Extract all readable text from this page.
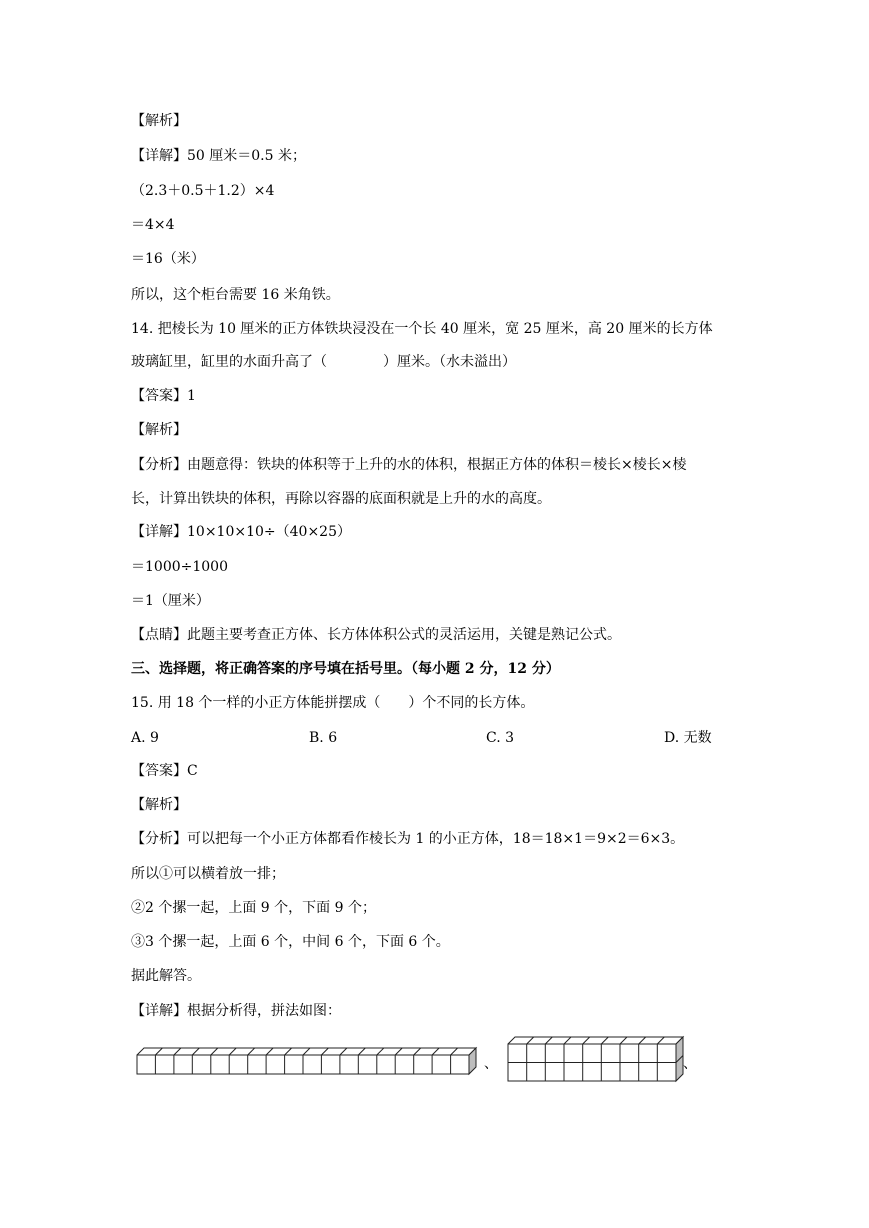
【解析】
【详解】50 厘米＝0.5 米；
（2.3＋0.5＋1.2）×4
＝4×4
＝16（米）
所以，这个柜台需要 16 米角铁。
14. 把棱长为 10 厘米的正方体铁块浸没在一个长 40 厘米，宽 25 厘米，高 20 厘米的长方体
玻璃缸里，缸里的水面升高了（　　　　）厘米。（水未溢出）
【答案】1
【解析】
【分析】由题意得：铁块的体积等于上升的水的体积，根据正方体的体积＝棱长×棱长×棱
长，计算出铁块的体积，再除以容器的底面积就是上升的水的高度。
【详解】10×10×10÷（40×25）
＝1000÷1000
＝1（厘米）
【点睛】此题主要考查正方体、长方体体积公式的灵活运用，关键是熟记公式。
三、选择题，将正确答案的序号填在括号里。（每小题 2 分，12 分）
15. 用 18 个一样的小正方体能拼摆成（　　）个不同的长方体。
A. 9	B. 6	C. 3	D. 无数
【答案】C
【解析】
【分析】可以把每一个小正方体都看作棱长为 1 的小正方体，18＝18×1＝9×2＝6×3。
所以①可以横着放一排；
②2 个摞一起，上面 9 个，下面 9 个；
③3 个摞一起，上面 6 个，中间 6 个，下面 6 个。
据此解答。
【详解】根据分析得，拼法如图：
、	、
